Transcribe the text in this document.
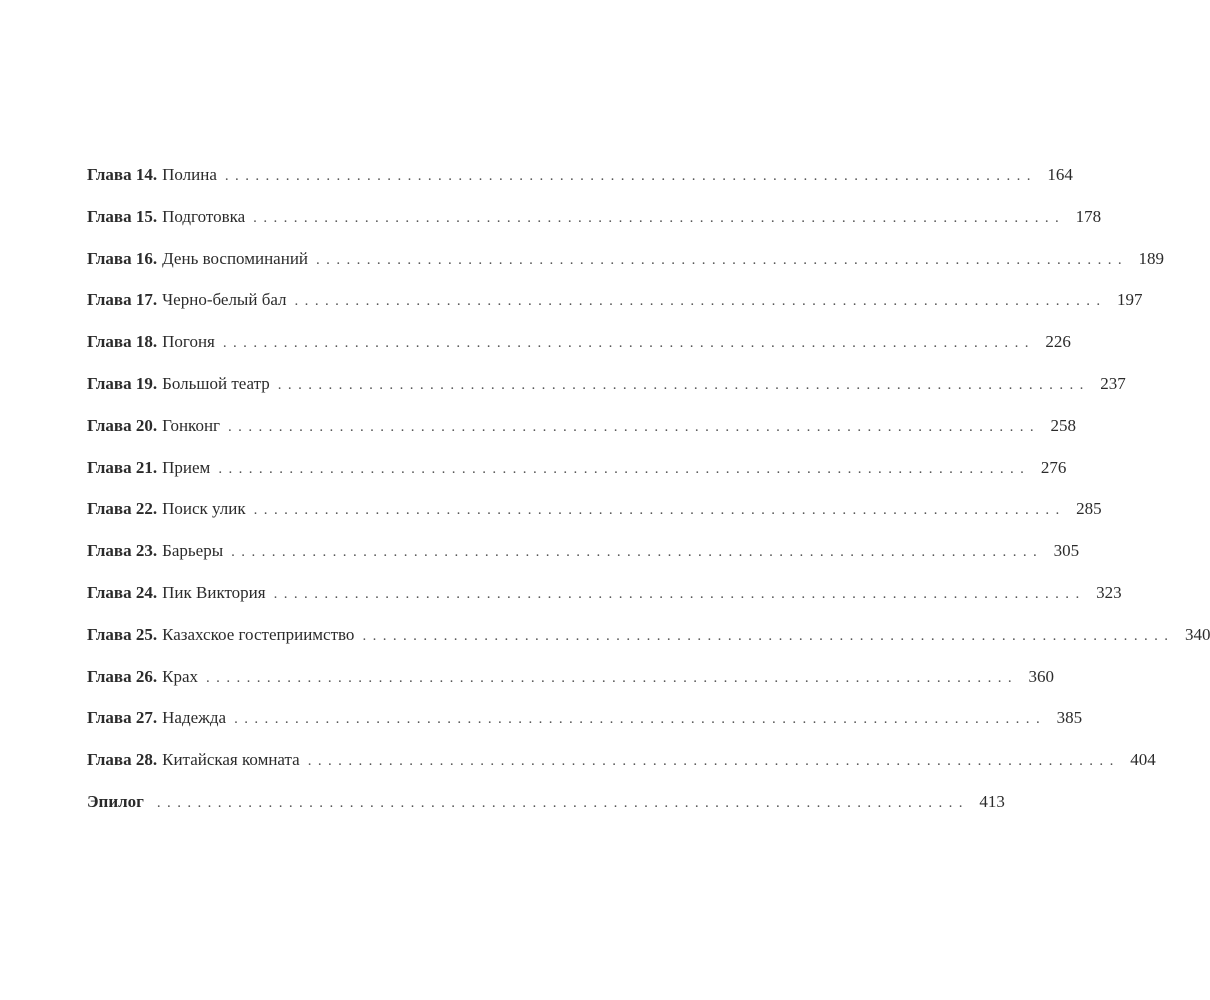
Глава 14. Полина ................................................................................ 164
Глава 15. Подготовка ................................................................................ 178
Глава 16. День воспоминаний ................................................................................ 189
Глава 17. Черно-белый бал ................................................................................ 197
Глава 18. Погоня ................................................................................ 226
Глава 19. Большой театр ................................................................................ 237
Глава 20. Гонконг ................................................................................ 258
Глава 21. Прием ................................................................................ 276
Глава 22. Поиск улик ................................................................................ 285
Глава 23. Барьеры ................................................................................ 305
Глава 24. Пик Виктория ................................................................................ 323
Глава 25. Казахское гостеприимство ................................................................................ 340
Глава 26. Крах ................................................................................ 360
Глава 27. Надежда ................................................................................ 385
Глава 28. Китайская комната ................................................................................ 404
Эпилог ................................................................................ 413
